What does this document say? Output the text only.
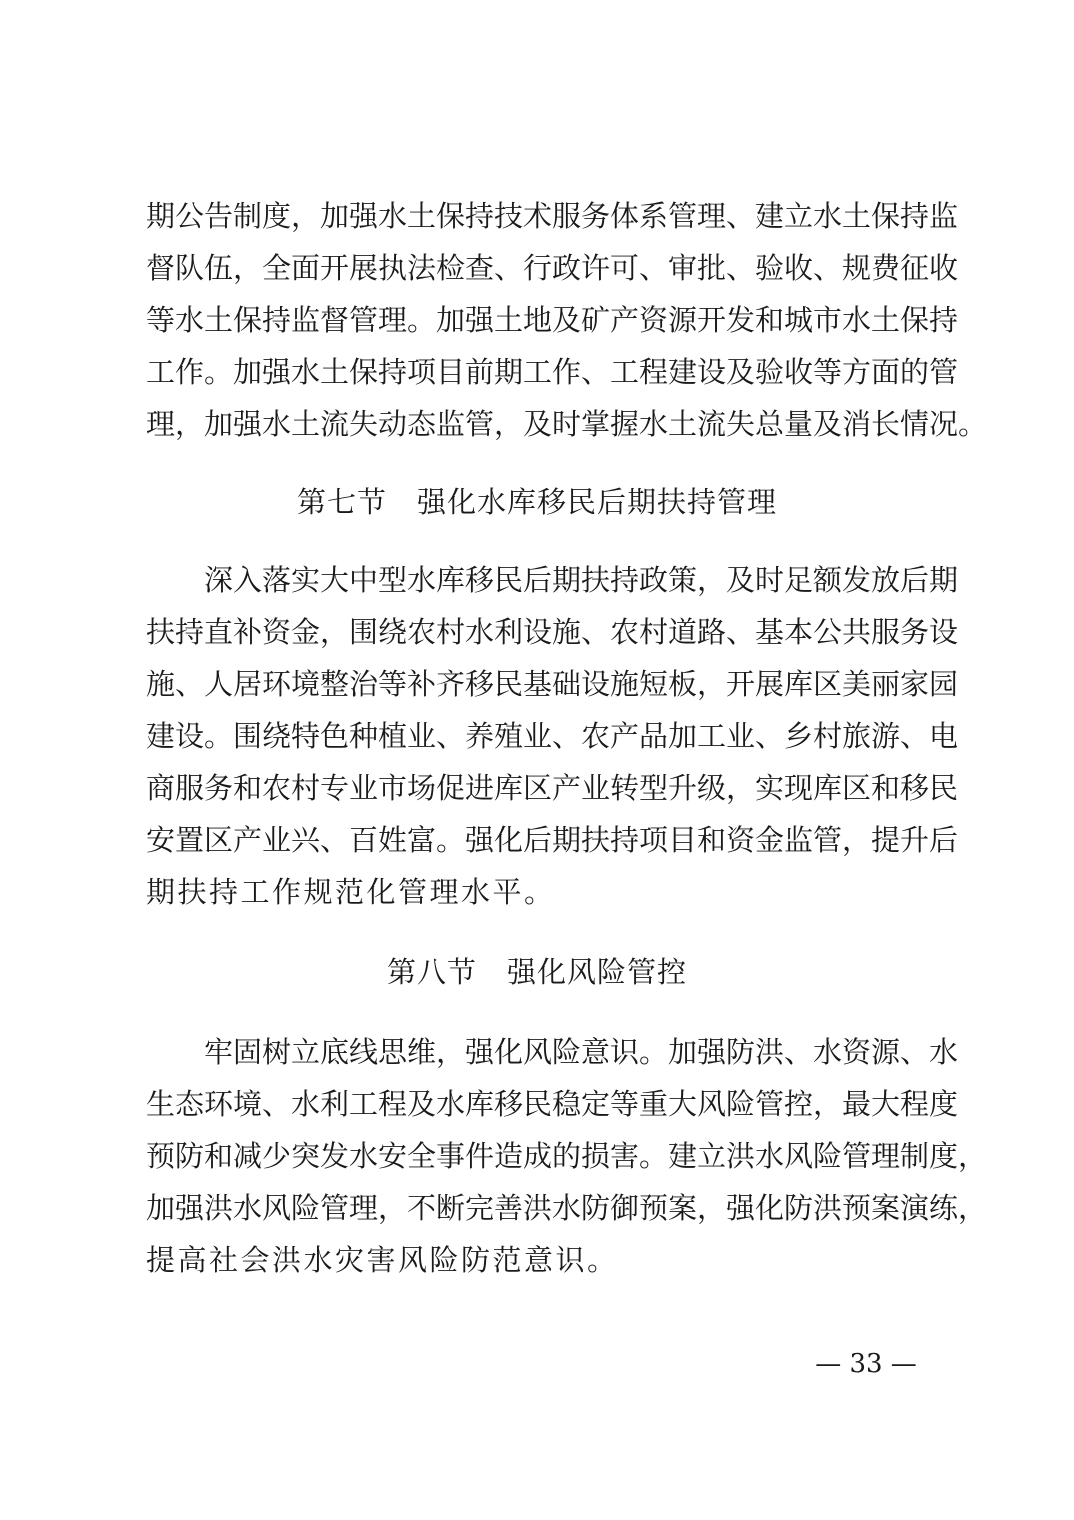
期公告制度，加强水土保持技术服务体系管理、建立水土保持监
督队伍，全面开展执法检查、行政许可、审批、验收、规费征收
等水土保持监督管理。加强土地及矿产资源开发和城市水土保持
工作。加强水土保持项目前期工作、工程建设及验收等方面的管
理，加强水土流失动态监管，及时掌握水土流失总量及消长情况。
第七节　强化水库移民后期扶持管理
　　深入落实大中型水库移民后期扶持政策，及时足额发放后期
扶持直补资金，围绕农村水利设施、农村道路、基本公共服务设
施、人居环境整治等补齐移民基础设施短板，开展库区美丽家园
建设。围绕特色种植业、养殖业、农产品加工业、乡村旅游、电
商服务和农村专业市场促进库区产业转型升级，实现库区和移民
安置区产业兴、百姓富。强化后期扶持项目和资金监管，提升后
期扶持工作规范化管理水平。
第八节　强化风险管控
　　牢固树立底线思维，强化风险意识。加强防洪、水资源、水
生态环境、水利工程及水库移民稳定等重大风险管控，最大程度
预防和减少突发水安全事件造成的损害。建立洪水风险管理制度，
加强洪水风险管理，不断完善洪水防御预案，强化防洪预案演练，
提高社会洪水灾害风险防范意识。
— 33 —
